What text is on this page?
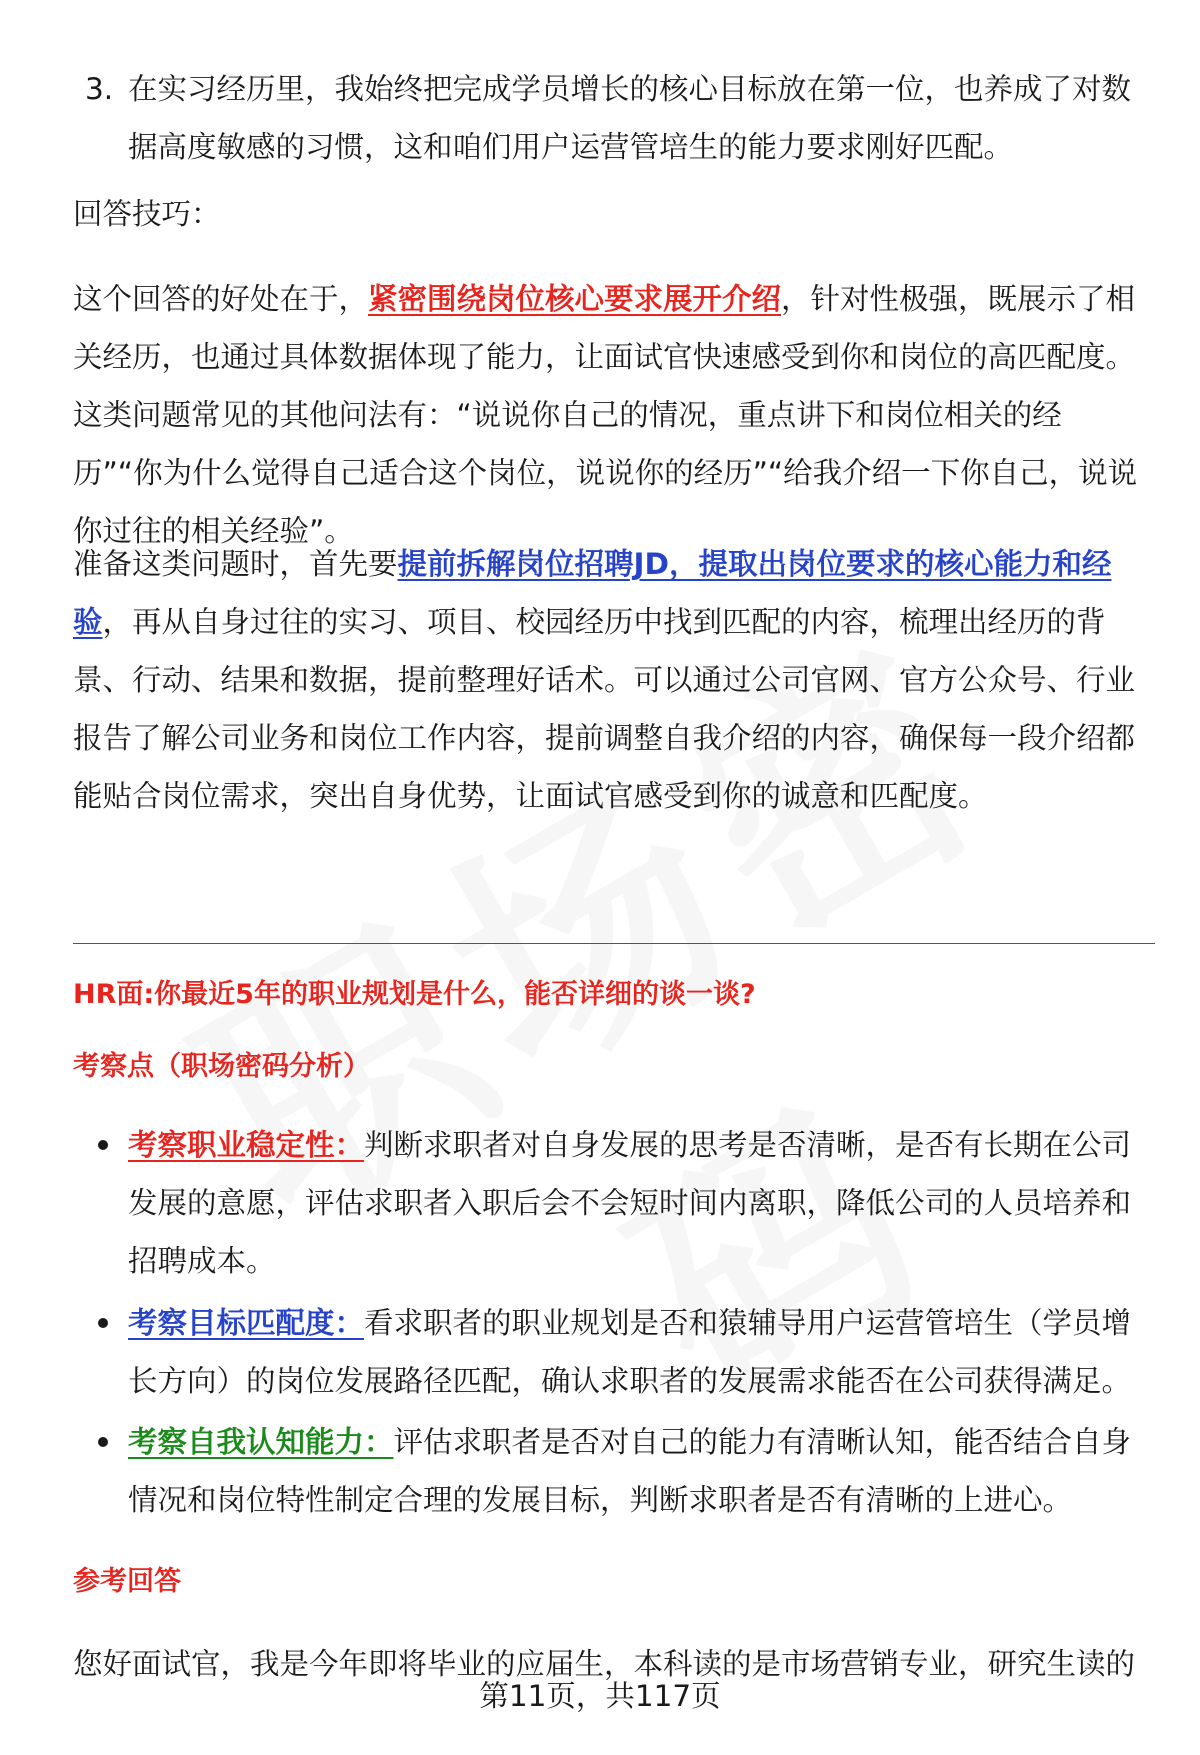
3. 在实习经历里，我始终把完成学员增长的核心目标放在第一位，也养成了对数据高度敏感的习惯，这和咱们用户运营管培生的能力要求刚好匹配。

回答技巧：

这个回答的好处在于，紧密围绕岗位核心要求展开介绍，针对性极强，既展示了相关经历，也通过具体数据体现了能力，让面试官快速感受到你和岗位的高匹配度。

这类问题常见的其他问法有：“说说你自己的情况，重点讲下和岗位相关的经历”“你为什么觉得自己适合这个岗位，说说你的经历”“给我介绍一下你自己，说说你过往的相关经验”。

准备这类问题时，首先要提前拆解岗位招聘JD，提取出岗位要求的核心能力和经验，再从自身过往的实习、项目、校园经历中找到匹配的内容，梳理出经历的背景、行动、结果和数据，提前整理好话术。可以通过公司官网、官方公众号、行业报告了解公司业务和岗位工作内容，提前调整自我介绍的内容，确保每一段介绍都能贴合岗位需求，突出自身优势，让面试官感受到你的诚意和匹配度。

HR面:你最近5年的职业规划是什么，能否详细的谈一谈?

考察点（职场密码分析）

考察职业稳定性：判断求职者对自身发展的思考是否清晰，是否有长期在公司发展的意愿，评估求职者入职后会不会短时间内离职，降低公司的人员培养和招聘成本。

考察目标匹配度：看求职者的职业规划是否和猿辅导用户运营管培生（学员增长方向）的岗位发展路径匹配，确认求职者的发展需求能否在公司获得满足。

考察自我认知能力：评估求职者是否对自己的能力有清晰认知，能否结合自身情况和岗位特性制定合理的发展目标，判断求职者是否有清晰的上进心。

参考回答

您好面试官，我是今年即将毕业的应届生，本科读的是市场营销专业，研究生读的

第11页，共117页
